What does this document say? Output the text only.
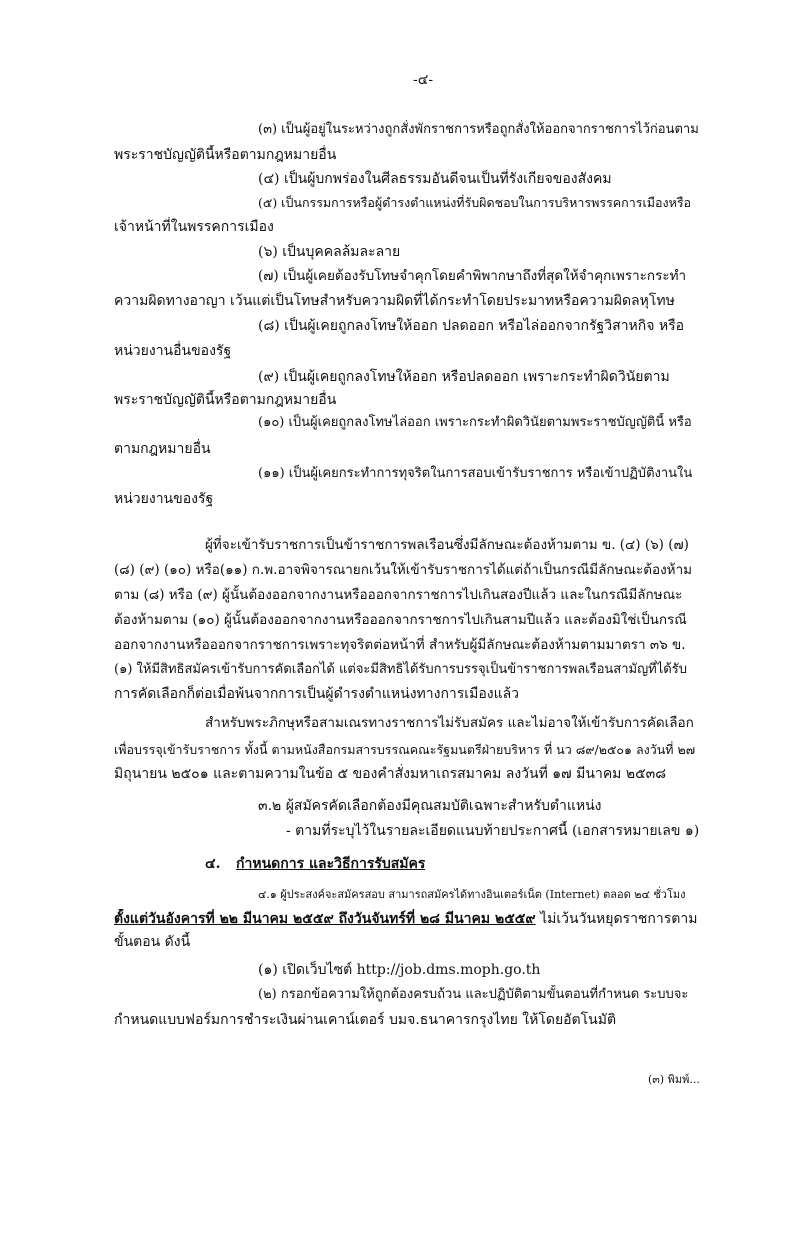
-๔-
(๓) เป็นผู้อยู่ในระหว่างถูกสั่งพักราชการหรือถูกสั่งให้ออกจากราชการไว้ก่อนตาม
พระราชบัญญัตินี้หรือตามกฎหมายอื่น
(๔) เป็นผู้บกพร่องในศีลธรรมอันดีจนเป็นที่รังเกียจของสังคม
(๕) เป็นกรรมการหรือผู้ดำรงตำแหน่งที่รับผิดชอบในการบริหารพรรคการเมืองหรือ
เจ้าหน้าที่ในพรรคการเมือง
(๖) เป็นบุคคลล้มละลาย
(๗) เป็นผู้เคยต้องรับโทษจำคุกโดยคำพิพากษาถึงที่สุดให้จำคุกเพราะกระทำ
ความผิดทางอาญา เว้นแต่เป็นโทษสำหรับความผิดที่ได้กระทำโดยประมาทหรือความผิดลหุโทษ
(๘) เป็นผู้เคยถูกลงโทษให้ออก ปลดออก หรือไล่ออกจากรัฐวิสาหกิจ หรือ
หน่วยงานอื่นของรัฐ
(๙) เป็นผู้เคยถูกลงโทษให้ออก หรือปลดออก เพราะกระทำผิดวินัยตาม
พระราชบัญญัตินี้หรือตามกฎหมายอื่น
(๑๐) เป็นผู้เคยถูกลงโทษไล่ออก เพราะกระทำผิดวินัยตามพระราชบัญญัตินี้ หรือ
ตามกฎหมายอื่น
(๑๑) เป็นผู้เคยกระทำการทุจริตในการสอบเข้ารับราชการ หรือเข้าปฏิบัติงานใน
หน่วยงานของรัฐ
ผู้ที่จะเข้ารับราชการเป็นข้าราชการพลเรือนซึ่งมีลักษณะต้องห้ามตาม ข. (๔) (๖) (๗)
(๘) (๙) (๑๐) หรือ(๑๑) ก.พ.อาจพิจารณายกเว้นให้เข้ารับราชการได้แต่ถ้าเป็นกรณีมีลักษณะต้องห้าม
ตาม (๘) หรือ (๙) ผู้นั้นต้องออกจากงานหรือออกจากราชการไปเกินสองปีแล้ว และในกรณีมีลักษณะ
ต้องห้ามตาม (๑๐) ผู้นั้นต้องออกจากงานหรือออกจากราชการไปเกินสามปีแล้ว และต้องมิใช่เป็นกรณี
ออกจากงานหรือออกจากราชการเพราะทุจริตต่อหน้าที่ สำหรับผู้มีลักษณะต้องห้ามตามมาตรา ๓๖ ข.
(๑) ให้มีสิทธิสมัครเข้ารับการคัดเลือกได้ แต่จะมีสิทธิได้รับการบรรจุเป็นข้าราชการพลเรือนสามัญที่ได้รับ
การคัดเลือกก็ต่อเมื่อพ้นจากการเป็นผู้ดำรงตำแหน่งทางการเมืองแล้ว
สำหรับพระภิกษุหรือสามเณรทางราชการไม่รับสมัคร และไม่อาจให้เข้ารับการคัดเลือก
เพื่อบรรจุเข้ารับราชการ ทั้งนี้ ตามหนังสือกรมสารบรรณคณะรัฐมนตรีฝ่ายบริหาร ที่ นว ๘๙/๒๕๐๑ ลงวันที่ ๒๗
มิถุนายน ๒๕๐๑ และตามความในข้อ ๕ ของคำสั่งมหาเถรสมาคม ลงวันที่ ๑๗ มีนาคม ๒๕๓๘
๓.๒ ผู้สมัครคัดเลือกต้องมีคุณสมบัติเฉพาะสำหรับตำแหน่ง
- ตามที่ระบุไว้ในรายละเอียดแนบท้ายประกาศนี้ (เอกสารหมายเลข ๑)
๔. กำหนดการ และวิธีการรับสมัคร
๔.๑ ผู้ประสงค์จะสมัครสอบ สามารถสมัครได้ทางอินเตอร์เน็ต (Internet) ตลอด ๒๔ ชั่วโมง
ตั้งแต่วันอังคารที่ ๒๒ มีนาคม ๒๕๕๙ ถึงวันจันทร์ที่ ๒๘ มีนาคม ๒๕๕๙ ไม่เว้นวันหยุดราชการตาม
ขั้นตอน ดังนี้
(๑) เปิดเว็บไซต์ http://job.dms.moph.go.th
(๒) กรอกข้อความให้ถูกต้องครบถ้วน และปฏิบัติตามขั้นตอนที่กำหนด ระบบจะ
กำหนดแบบฟอร์มการชำระเงินผ่านเคาน์เตอร์ บมจ.ธนาคารกรุงไทย ให้โดยอัตโนมัติ
(๓) พิมพ์...
